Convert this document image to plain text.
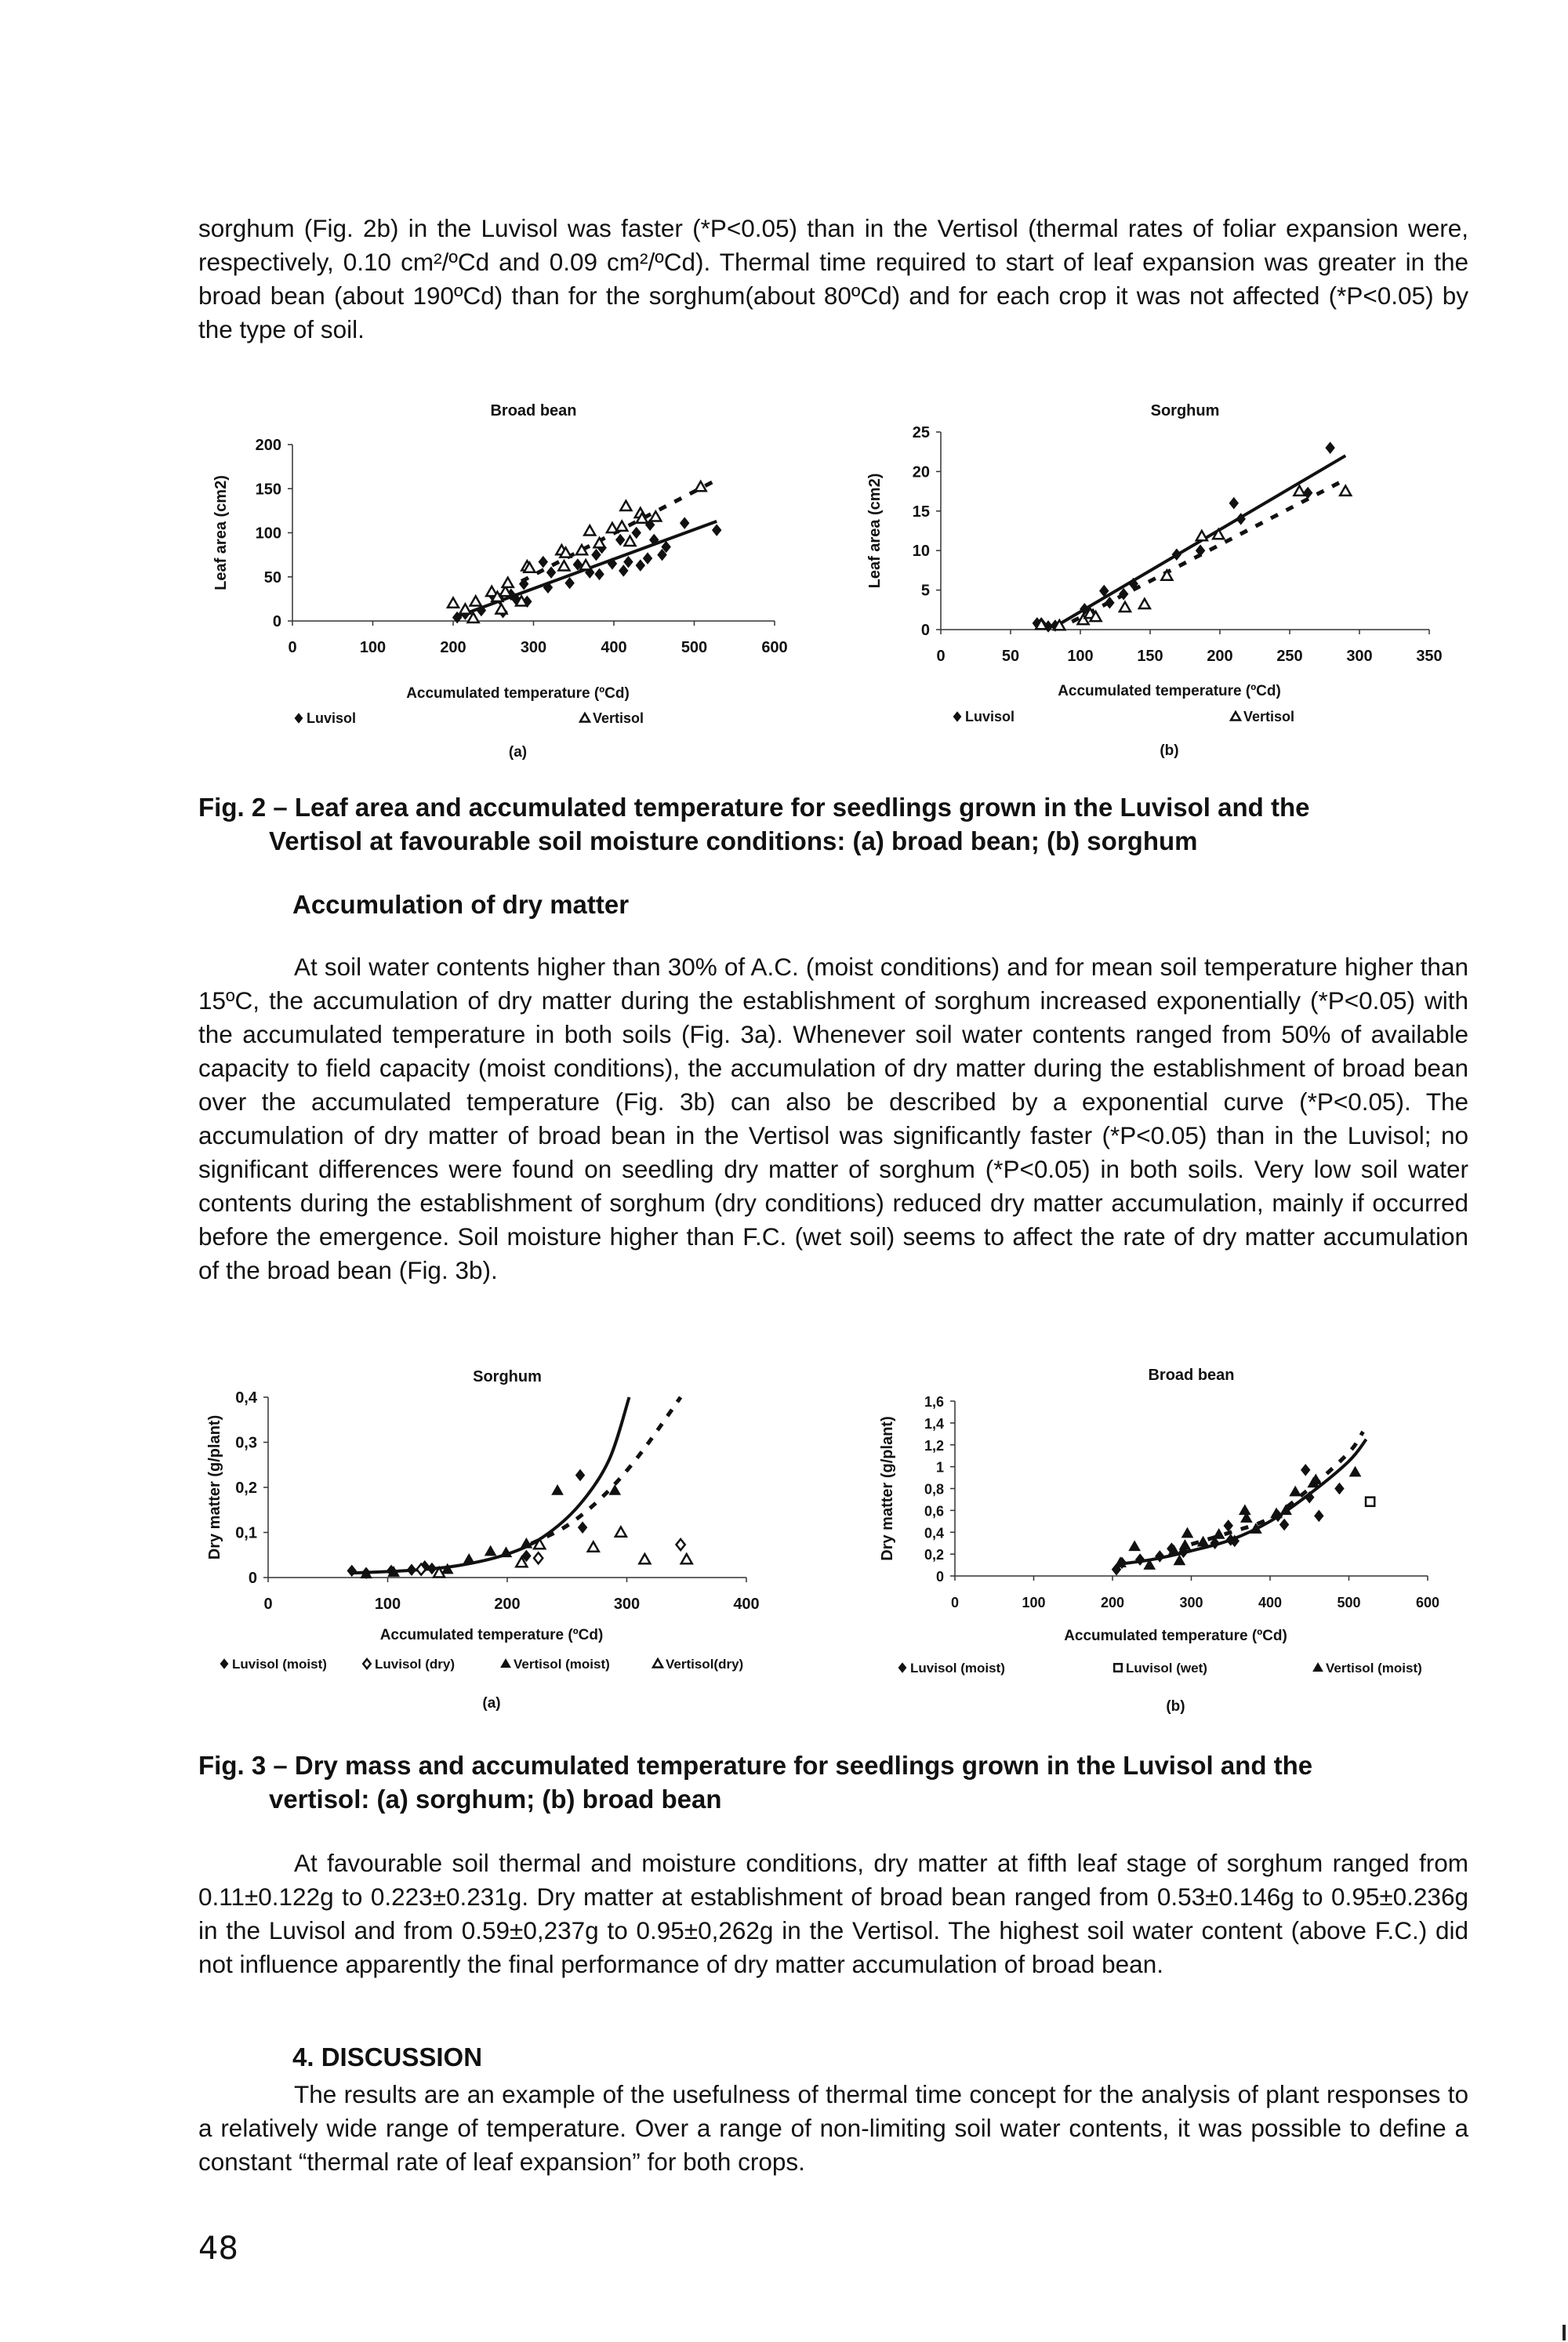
sorghum (Fig. 2b) in the Luvisol was faster (*P<0.05) than in the Vertisol (thermal rates of foliar expansion were, respectively, 0.10 cm²/ºCd and 0.09 cm²/ºCd). Thermal time required to start of leaf expansion was greater in the broad bean (about 190ºCd) than for the sorghum(about 80ºCd) and for each crop it was not affected (*P<0.05) by the type of soil.

Broad bean
0
50
100
150
200
0	100	200	300	400	500	600
Leaf area (cm2)
Accumulated temperature (ºCd)
Luvisol	Vertisol
(a)
Sorghum
0
5
10
15
20
25
0	50	100	150	200	250	300	350
Leaf area (cm2)
Accumulated temperature (ºCd)
Luvisol	Vertisol
(b)

Fig. 2 – Leaf area and accumulated temperature for seedlings grown in the Luvisol and the
Vertisol at favourable soil moisture conditions: (a) broad bean; (b) sorghum

Accumulation of dry matter

At soil water contents higher than 30% of A.C. (moist conditions) and for mean soil temperature higher than 15ºC, the accumulation of dry matter during the establishment of sorghum increased exponentially (*P<0.05) with the accumulated temperature in both soils (Fig. 3a). Whenever soil water contents ranged from 50% of available capacity to field capacity (moist conditions), the accumulation of dry matter during the establishment of broad bean over the accumulated temperature (Fig. 3b) can also be described by a exponential curve (*P<0.05). The accumulation of dry matter of broad bean in the Vertisol was significantly faster (*P<0.05) than in the Luvisol; no significant differences were found on seedling dry matter of sorghum (*P<0.05) in both soils. Very low soil water contents during the establishment of sorghum (dry conditions) reduced dry matter accumulation, mainly if occurred before the emergence. Soil moisture higher than F.C. (wet soil) seems to affect the rate of dry matter accumulation of the broad bean (Fig. 3b).

Sorghum
0
0,1
0,2
0,3
0,4
0	100	200	300	400
Dry matter (g/plant)
Accumulated temperature (ºCd)
Luvisol (moist)	Luvisol (dry)	Vertisol (moist)	Vertisol(dry)
(a)
Broad bean
0
0,2
0,4
0,6
0,8
1
1,2
1,4
1,6
0	100	200	300	400	500	600
Dry matter (g/plant)
Accumulated temperature (ºCd)
Luvisol (moist)	Luvisol (wet)	Vertisol (moist)
(b)

Fig. 3 – Dry mass and accumulated temperature for seedlings grown in the Luvisol and the
vertisol: (a) sorghum; (b) broad bean

At favourable soil thermal and moisture conditions, dry matter at fifth leaf stage of sorghum ranged from 0.11±0.122g to 0.223±0.231g. Dry matter at establishment of broad bean ranged from 0.53±0.146g to 0.95±0.236g in the Luvisol and from 0.59±0,237g to 0.95±0,262g in the Vertisol. The highest soil water content (above F.C.) did not influence apparently the final performance of dry matter accumulation of broad bean.

4. DISCUSSION

The results are an example of the usefulness of thermal time concept for the analysis of plant responses to a relatively wide range of temperature. Over a range of non-limiting soil water contents, it was possible to define a constant “thermal rate of leaf expansion” for both crops.

48
